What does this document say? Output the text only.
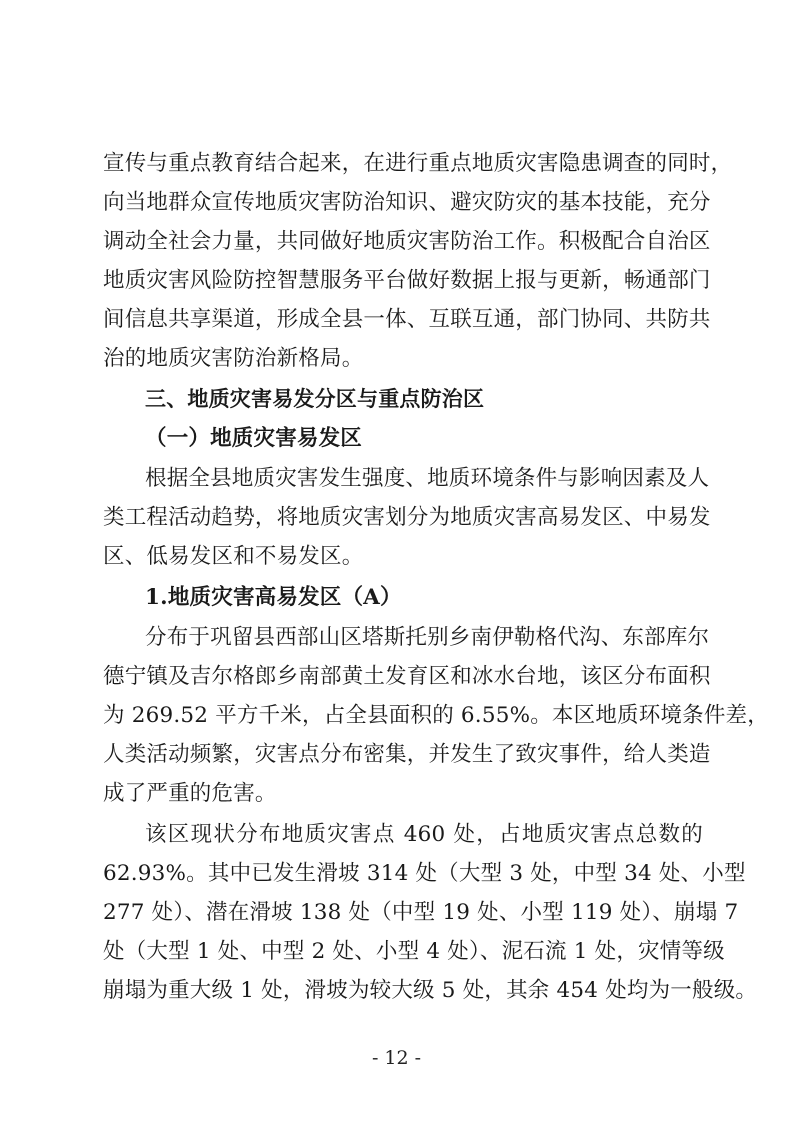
宣传与重点教育结合起来，在进行重点地质灾害隐患调查的同时，
向当地群众宣传地质灾害防治知识、避灾防灾的基本技能，充分
调动全社会力量，共同做好地质灾害防治工作。积极配合自治区
地质灾害风险防控智慧服务平台做好数据上报与更新，畅通部门
间信息共享渠道，形成全县一体、互联互通，部门协同、共防共
治的地质灾害防治新格局。
三、地质灾害易发分区与重点防治区
（一）地质灾害易发区
根据全县地质灾害发生强度、地质环境条件与影响因素及人
类工程活动趋势，将地质灾害划分为地质灾害高易发区、中易发
区、低易发区和不易发区。
1.地质灾害高易发区（A）
分布于巩留县西部山区塔斯托别乡南伊勒格代沟、东部库尔
德宁镇及吉尔格郎乡南部黄土发育区和冰水台地，该区分布面积
为 269.52 平方千米，占全县面积的 6.55%。本区地质环境条件差，
人类活动频繁，灾害点分布密集，并发生了致灾事件，给人类造
成了严重的危害。
该区现状分布地质灾害点 460 处，占地质灾害点总数的
62.93%。其中已发生滑坡 314 处（大型 3 处，中型 34 处、小型
277 处）、潜在滑坡 138 处（中型 19 处、小型 119 处）、崩塌 7
处（大型 1 处、中型 2 处、小型 4 处）、泥石流 1 处，灾情等级
崩塌为重大级 1 处，滑坡为较大级 5 处，其余 454 处均为一般级。
- 12 -
